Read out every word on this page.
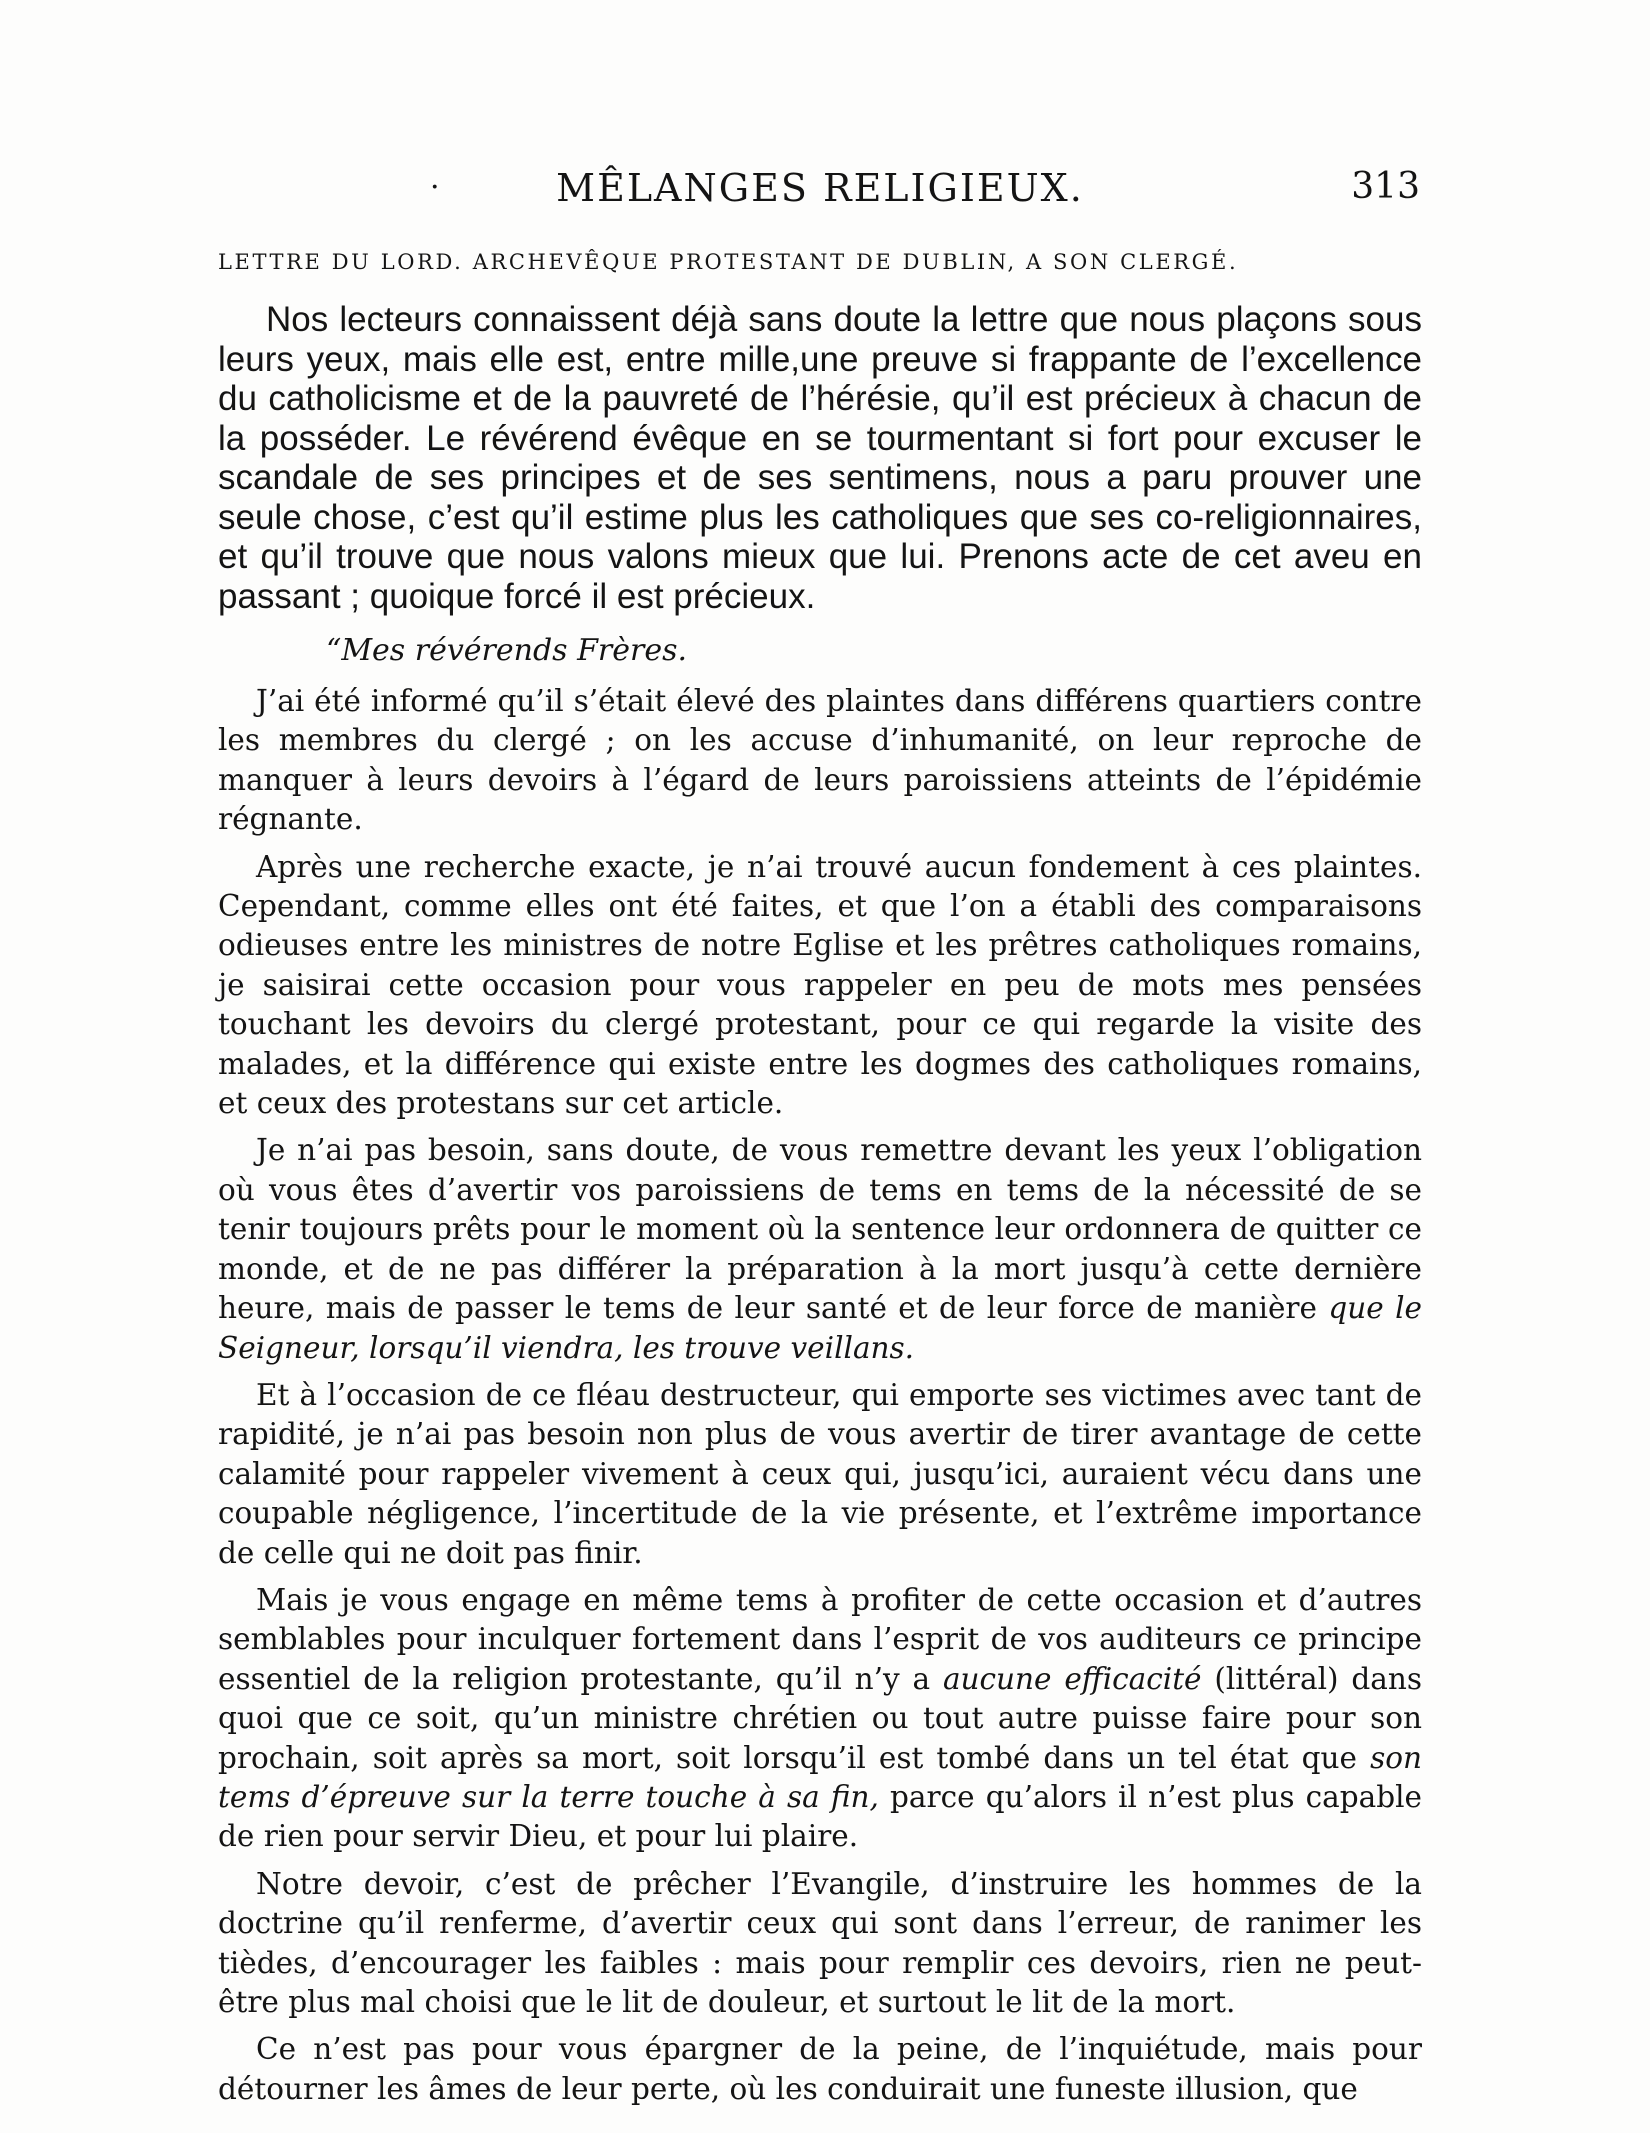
·	MÊLANGES RELIGIEUX.	313
LETTRE DU LORD. ARCHEVÊQUE PROTESTANT DE DUBLIN, A SON CLERGÉ.

Nos lecteurs connaissent déjà sans doute la lettre que nous plaçons sous leurs yeux, mais elle est, entre mille,une preuve si frappante de l’excellence du catholicisme et de la pauvreté de l’hérésie, qu’il est précieux à chacun de la posséder. Le révérend évêque en se tourmentant si fort pour excuser le scandale de ses principes et de ses sentimens, nous a paru prouver une seule chose, c’est qu’il estime plus les catholiques que ses co-religionnaires, et qu’il trouve que nous valons mieux que lui. Prenons acte de cet aveu en passant ; quoique forcé il est précieux.

“Mes révérends Frères.

J’ai été informé qu’il s’était élevé des plaintes dans différens quartiers contre les membres du clergé ; on les accuse d’inhumanité, on leur reproche de manquer à leurs devoirs à l’égard de leurs paroissiens atteints de l’épidémie régnante.

Après une recherche exacte, je n’ai trouvé aucun fondement à ces plaintes. Cependant, comme elles ont été faites, et que l’on a établi des comparaisons odieuses entre les ministres de notre Eglise et les prêtres catholiques romains, je saisirai cette occasion pour vous rappeler en peu de mots mes pensées touchant les devoirs du clergé protestant, pour ce qui regarde la visite des malades, et la différence qui existe entre les dogmes des catholiques romains, et ceux des protestans sur cet article.

Je n’ai pas besoin, sans doute, de vous remettre devant les yeux l’obligation où vous êtes d’avertir vos paroissiens de tems en tems de la nécessité de se tenir toujours prêts pour le moment où la sentence leur ordonnera de quitter ce monde, et de ne pas différer la préparation à la mort jusqu’à cette dernière heure, mais de passer le tems de leur santé et de leur force de manière que le Seigneur, lorsqu’il viendra, les trouve veillans.

Et à l’occasion de ce fléau destructeur, qui emporte ses victimes avec tant de rapidité, je n’ai pas besoin non plus de vous avertir de tirer avantage de cette calamité pour rappeler vivement à ceux qui, jusqu’ici, auraient vécu dans une coupable négligence, l’incertitude de la vie présente, et l’extrême importance de celle qui ne doit pas finir.

Mais je vous engage en même tems à profiter de cette occasion et d’autres semblables pour inculquer fortement dans l’esprit de vos auditeurs ce principe essentiel de la religion protestante, qu’il n’y a aucune efficacité (littéral) dans quoi que ce soit, qu’un ministre chrétien ou tout autre puisse faire pour son prochain, soit après sa mort, soit lorsqu’il est tombé dans un tel état que son tems d’épreuve sur la terre touche à sa fin, parce qu’alors il n’est plus capable de rien pour servir Dieu, et pour lui plaire.

Notre devoir, c’est de prêcher l’Evangile, d’instruire les hommes de la doctrine qu’il renferme, d’avertir ceux qui sont dans l’erreur, de ranimer les tièdes, d’encourager les faibles : mais pour remplir ces devoirs, rien ne peut-être plus mal choisi que le lit de douleur, et surtout le lit de la mort.

Ce n’est pas pour vous épargner de la peine, de l’inquiétude, mais pour détourner les âmes de leur perte, où les conduirait une funeste illusion, que
